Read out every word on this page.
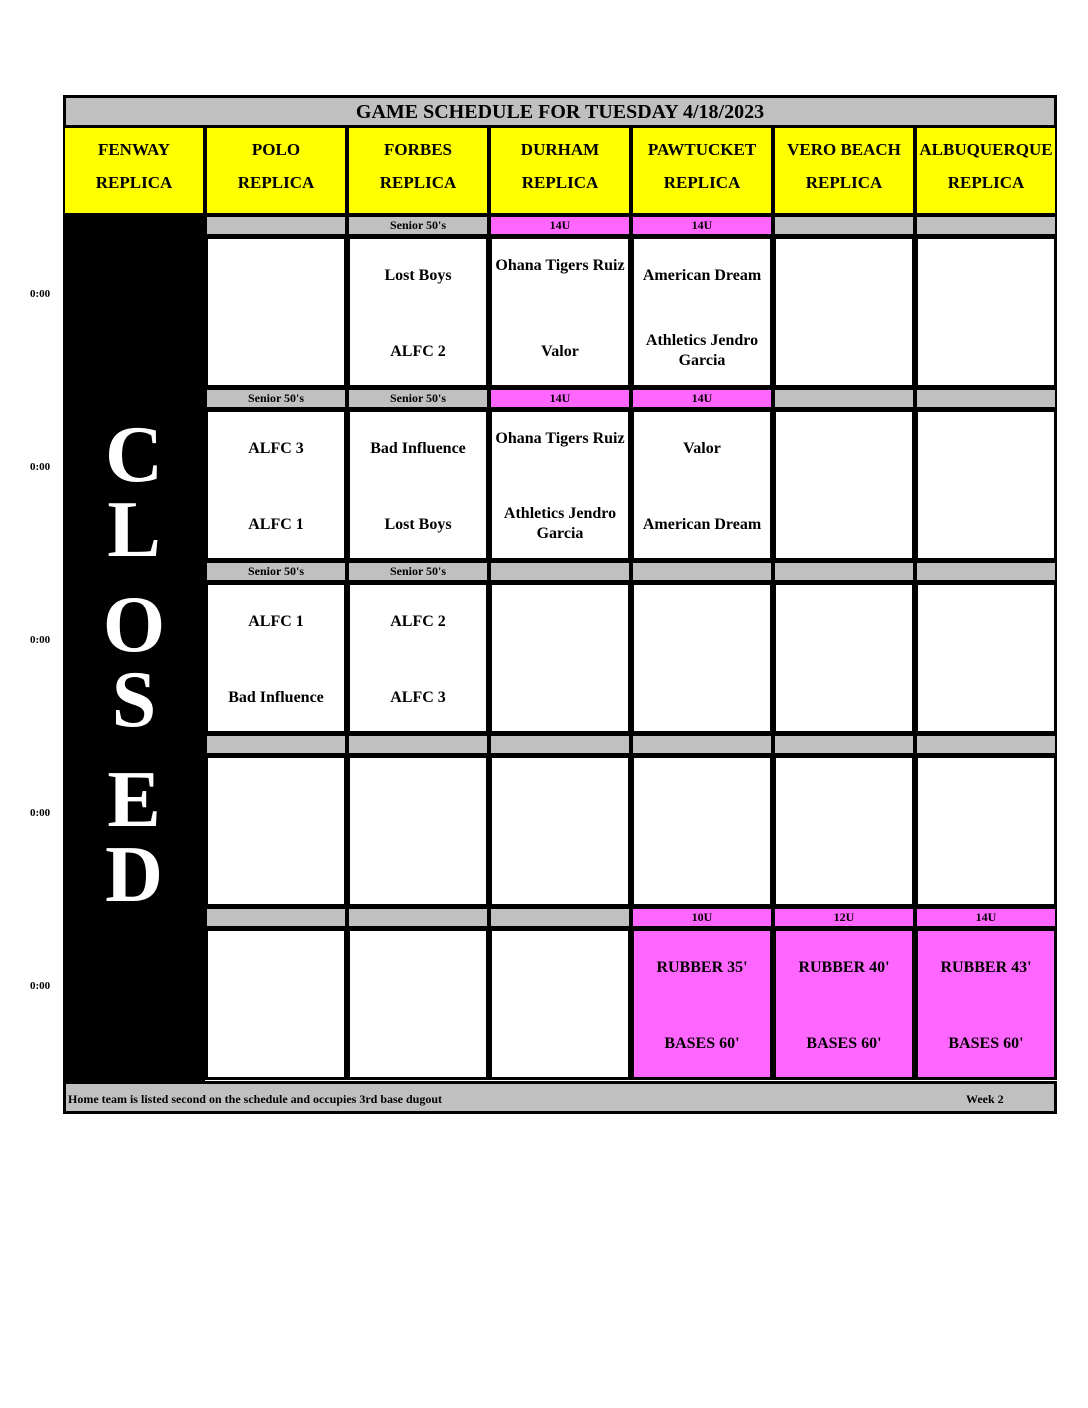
GAME SCHEDULE FOR TUESDAY 4/18/2023
FENWAY
REPLICA
POLO
REPLICA
FORBES
REPLICA
DURHAM
REPLICA
PAWTUCKET
REPLICA
VERO BEACH
REPLICA
ALBUQUERQUE
REPLICA
C
L
O
S
E
D
0:00
Senior 50's
Lost Boys
ALFC 2
14U
Ohana Tigers Ruiz
Valor
14U
American Dream
Athletics Jendro Garcia
0:00
Senior 50's
ALFC 3
ALFC 1
Senior 50's
Bad Influence
Lost Boys
14U
Ohana Tigers Ruiz
Athletics Jendro Garcia
14U
Valor
American Dream
0:00
Senior 50's
ALFC 1
Bad Influence
Senior 50's
ALFC 2
ALFC 3
0:00
0:00
10U
RUBBER 35'
BASES 60'
12U
RUBBER 40'
BASES 60'
14U
RUBBER 43'
BASES 60'
Home team is listed second on the schedule and occupies 3rd base dugout	Week 2
